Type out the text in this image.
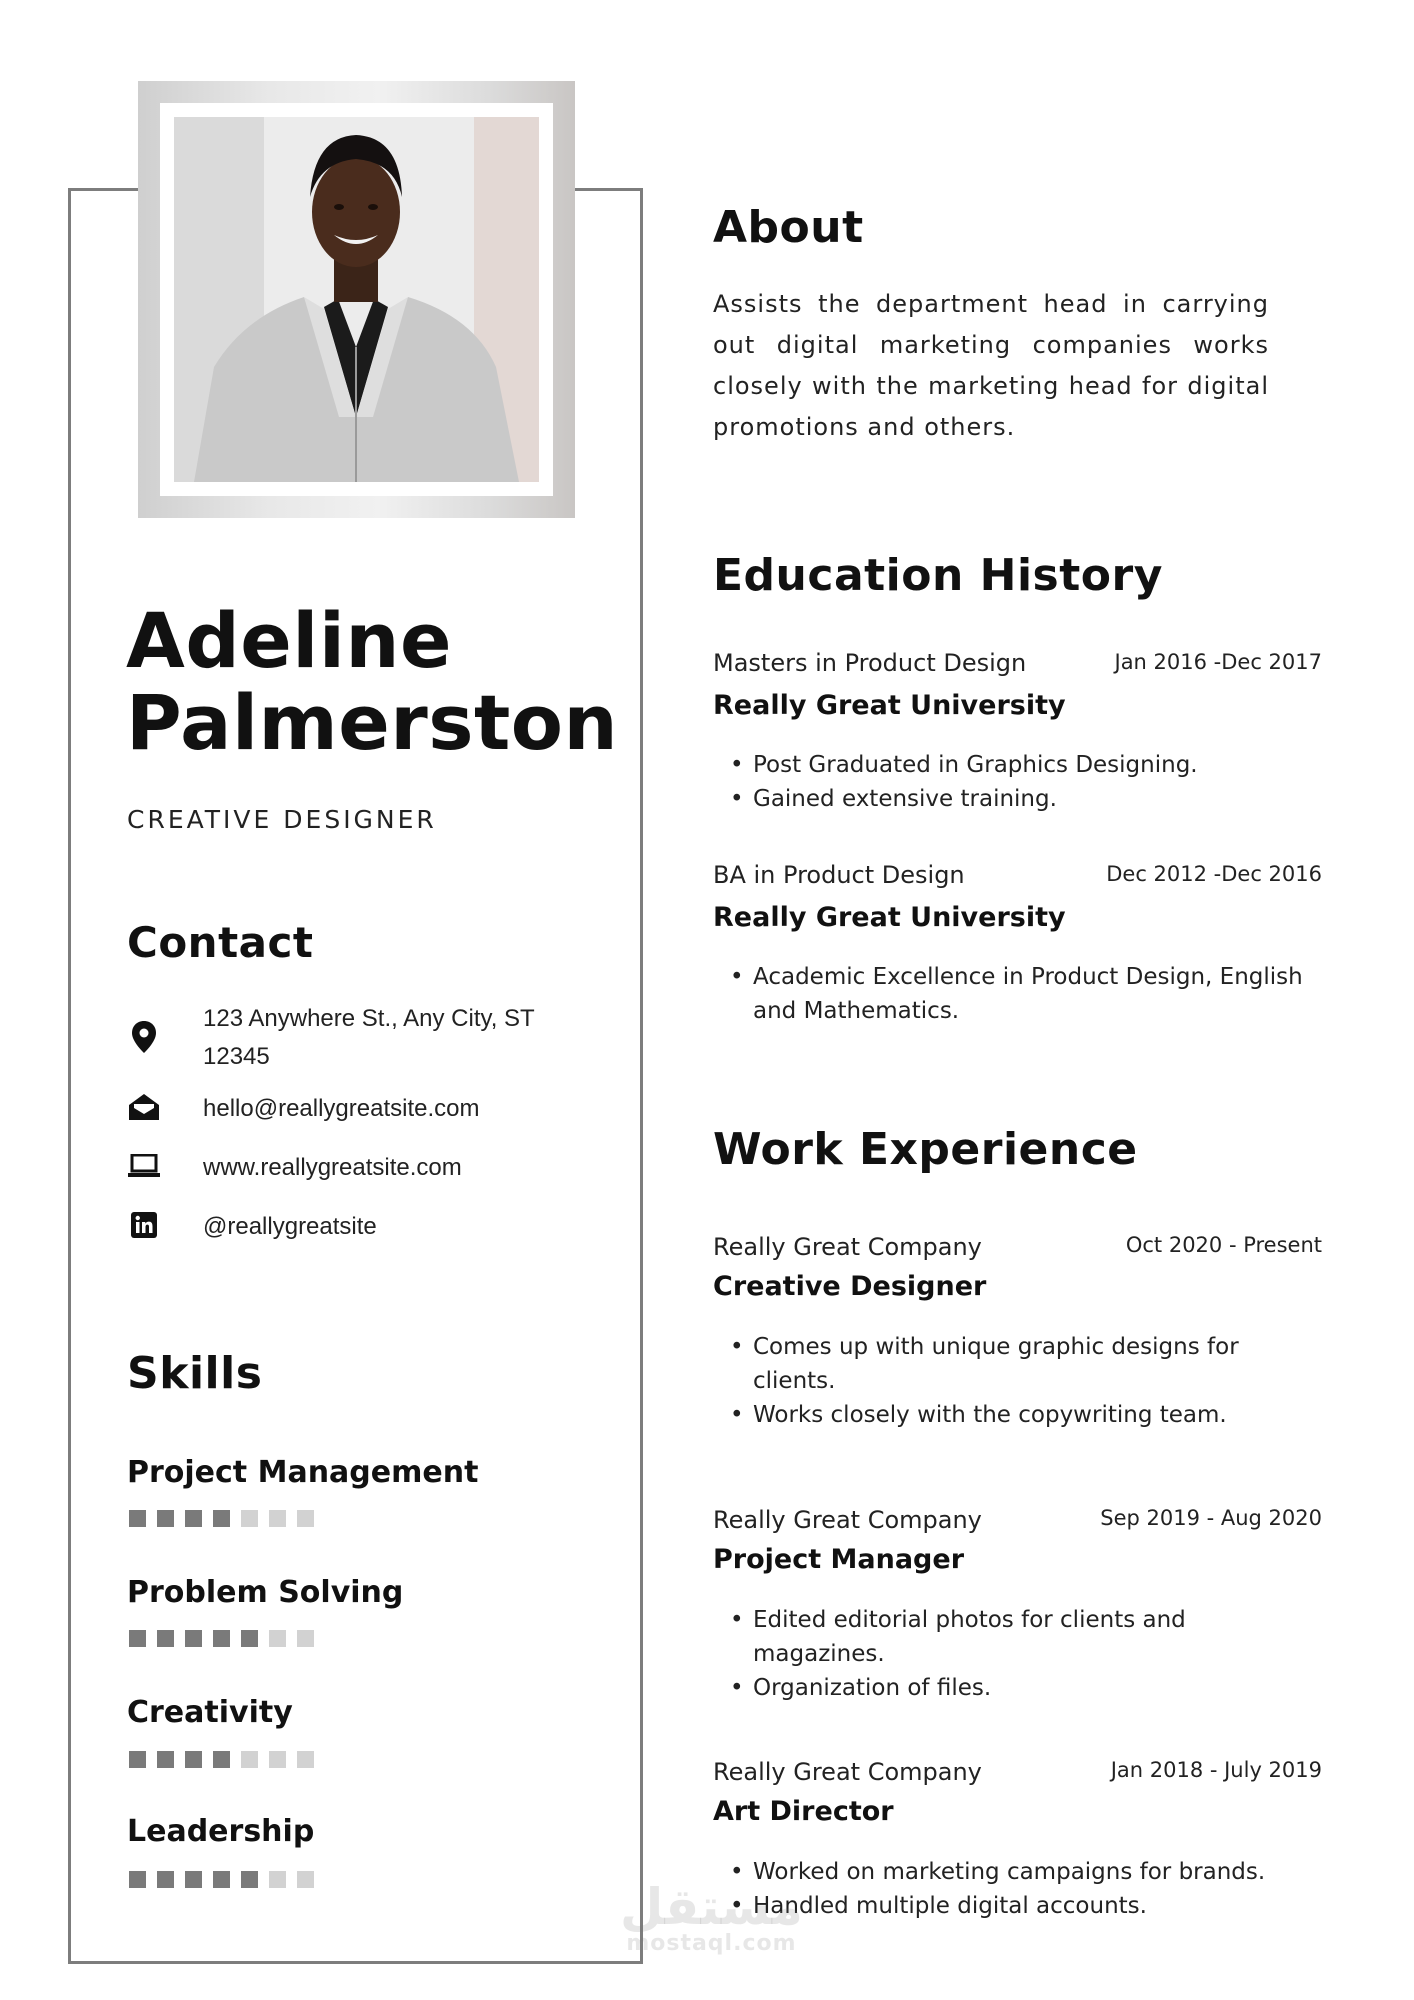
Adeline
Palmerston
CREATIVE DESIGNER
Contact
123 Anywhere St., Any City, ST 12345
hello@reallygreatsite.com
www.reallygreatsite.com
@reallygreatsite
Skills
Project Management
Problem Solving
Creativity
Leadership
About
Assists the department head in carrying out digital marketing companies works closely with the marketing head for digital promotions and others.
Education History
Masters in Product Design	Jan 2016 -Dec 2017
Really Great University
• Post Graduated in Graphics Designing.
• Gained extensive training.
BA in Product Design	Dec 2012 -Dec 2016
Really Great University
• Academic Excellence in Product Design, English and Mathematics.
Work Experience
Really Great Company	Oct 2020 - Present
Creative Designer
• Comes up with unique graphic designs for clients.
• Works closely with the copywriting team.
Really Great Company	Sep 2019 - Aug 2020
Project Manager
• Edited editorial photos for clients and magazines.
• Organization of files.
Really Great Company	Jan 2018 - July 2019
Art Director
• Worked on marketing campaigns for brands.
• Handled multiple digital accounts.
مستقل
mostaql.com
